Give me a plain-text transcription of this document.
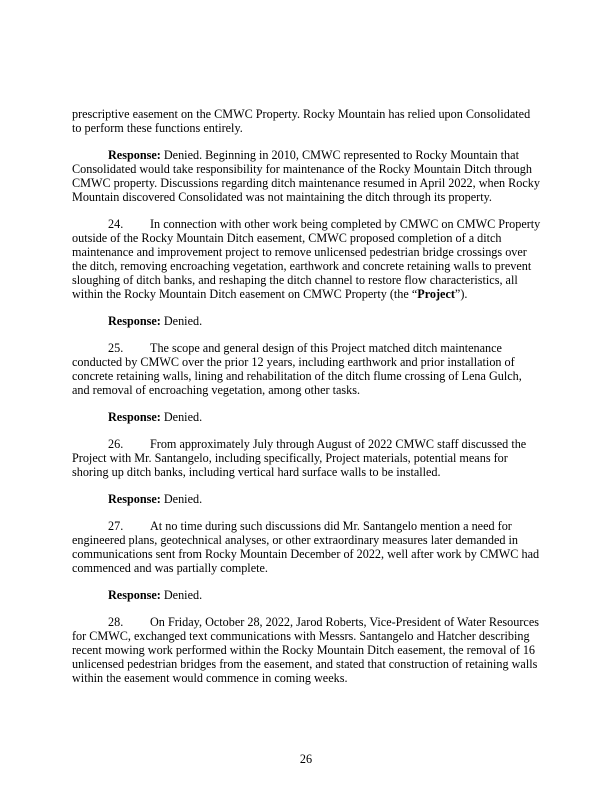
prescriptive easement on the CMWC Property. Rocky Mountain has relied upon Consolidated to perform these functions entirely.

Response: Denied. Beginning in 2010, CMWC represented to Rocky Mountain that Consolidated would take responsibility for maintenance of the Rocky Mountain Ditch through CMWC property. Discussions regarding ditch maintenance resumed in April 2022, when Rocky Mountain discovered Consolidated was not maintaining the ditch through its property.

24. In connection with other work being completed by CMWC on CMWC Property outside of the Rocky Mountain Ditch easement, CMWC proposed completion of a ditch maintenance and improvement project to remove unlicensed pedestrian bridge crossings over the ditch, removing encroaching vegetation, earthwork and concrete retaining walls to prevent sloughing of ditch banks, and reshaping the ditch channel to restore flow characteristics, all within the Rocky Mountain Ditch easement on CMWC Property (the “Project”).

Response: Denied.

25. The scope and general design of this Project matched ditch maintenance conducted by CMWC over the prior 12 years, including earthwork and prior installation of concrete retaining walls, lining and rehabilitation of the ditch flume crossing of Lena Gulch, and removal of encroaching vegetation, among other tasks.

Response: Denied.

26. From approximately July through August of 2022 CMWC staff discussed the Project with Mr. Santangelo, including specifically, Project materials, potential means for shoring up ditch banks, including vertical hard surface walls to be installed.

Response: Denied.

27. At no time during such discussions did Mr. Santangelo mention a need for engineered plans, geotechnical analyses, or other extraordinary measures later demanded in communications sent from Rocky Mountain December of 2022, well after work by CMWC had commenced and was partially complete.

Response: Denied.

28. On Friday, October 28, 2022, Jarod Roberts, Vice-President of Water Resources for CMWC, exchanged text communications with Messrs. Santangelo and Hatcher describing recent mowing work performed within the Rocky Mountain Ditch easement, the removal of 16 unlicensed pedestrian bridges from the easement, and stated that construction of retaining walls within the easement would commence in coming weeks.

26
